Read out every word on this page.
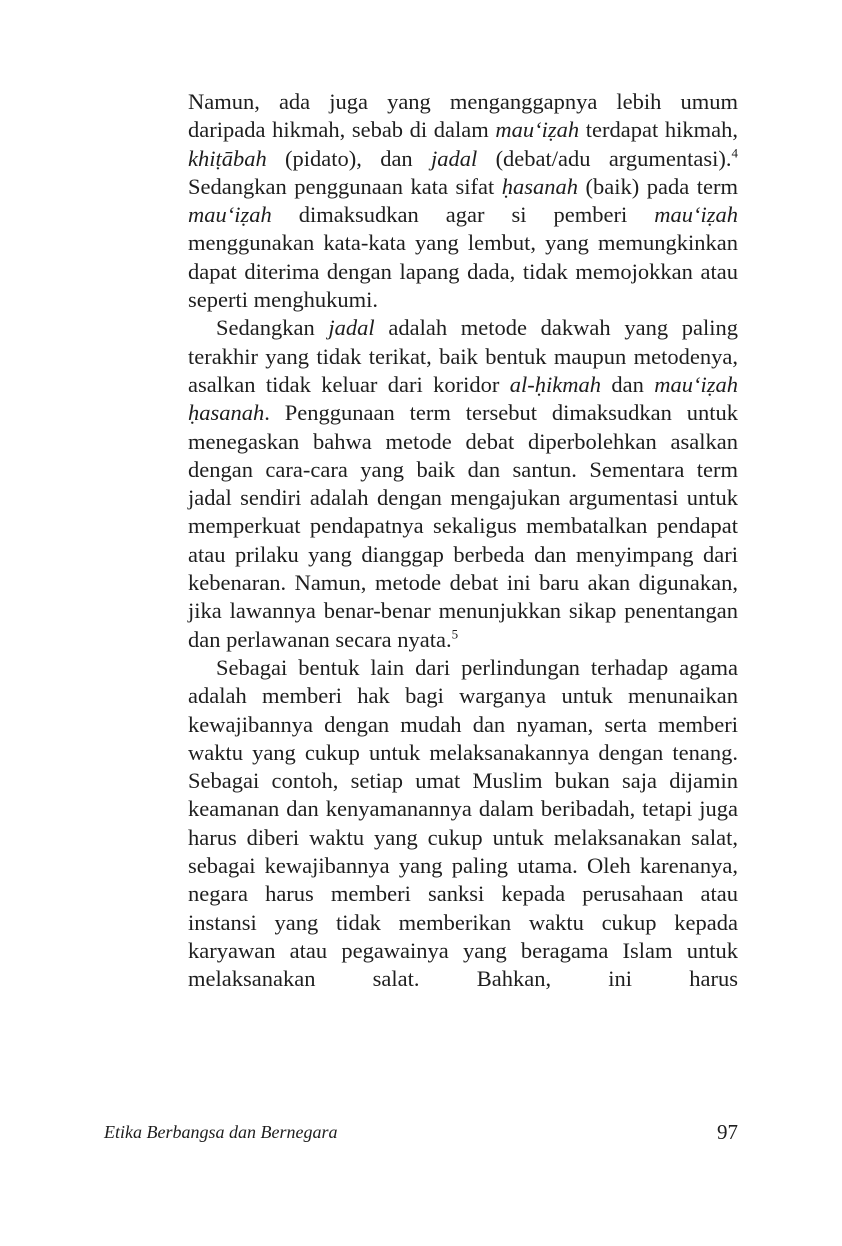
Namun, ada juga yang menganggapnya lebih umum daripada hikmah, sebab di dalam mau‘iẓah terdapat hikmah, khiṭābah (pidato), dan jadal (debat/adu argumentasi).$^4$ Sedangkan penggunaan kata sifat ḥasanah (baik) pada term mau‘iẓah dimaksudkan agar si pemberi mau‘iẓah menggunakan kata-kata yang lembut, yang memungkinkan dapat diterima dengan lapang dada, tidak memojokkan atau seperti menghukumi.

Sedangkan jadal adalah metode dakwah yang paling terakhir yang tidak terikat, baik bentuk maupun metodenya, asalkan tidak keluar dari koridor al-ḥikmah dan mau‘iẓah ḥasanah. Penggunaan term tersebut dimaksudkan untuk menegaskan bahwa metode debat diperbolehkan asalkan dengan cara-cara yang baik dan santun. Sementara term jadal sendiri adalah dengan mengajukan argumentasi untuk memperkuat pendapatnya sekaligus membatalkan pendapat atau prilaku yang dianggap berbeda dan menyimpang dari kebenaran. Namun, metode debat ini baru akan digunakan, jika lawannya benar-benar menunjukkan sikap penentangan dan perlawanan secara nyata.$^5$

Sebagai bentuk lain dari perlindungan terhadap agama adalah memberi hak bagi warganya untuk menunaikan kewajibannya dengan mudah dan nyaman, serta memberi waktu yang cukup untuk melaksanakannya dengan tenang. Sebagai contoh, setiap umat Muslim bukan saja dijamin keamanan dan kenyamanannya dalam beribadah, tetapi juga harus diberi waktu yang cukup untuk melaksanakan salat, sebagai kewajibannya yang paling utama. Oleh karenanya, negara harus memberi sanksi kepada perusahaan atau instansi yang tidak memberikan waktu cukup kepada karyawan atau pegawainya yang beragama Islam untuk melaksanakan salat. Bahkan, ini harus

Etika Berbangsa dan Bernegara	97
